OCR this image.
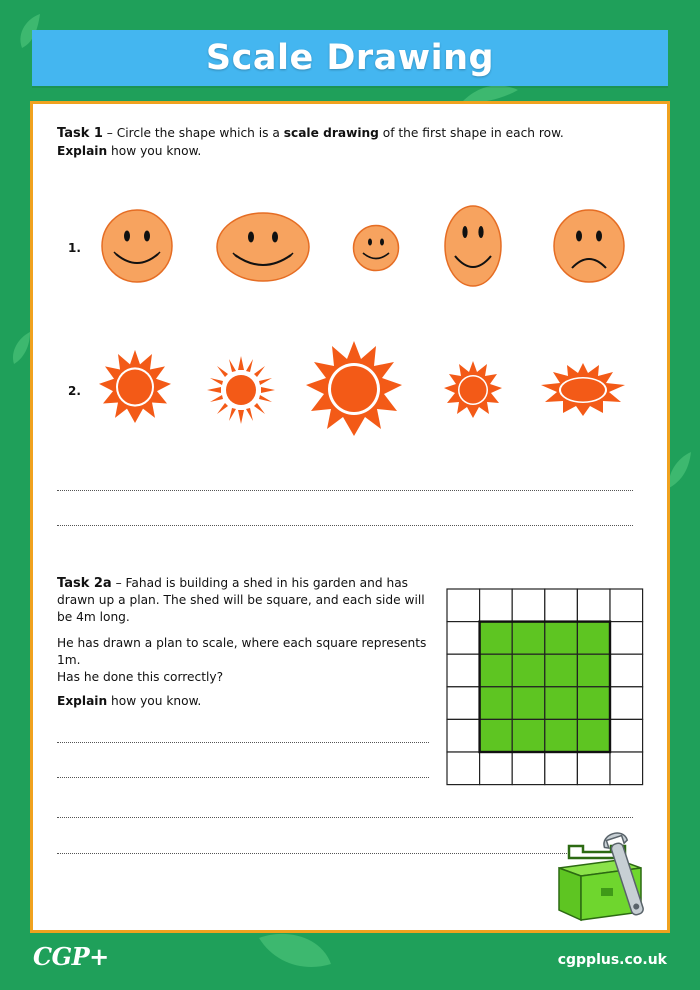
Scale Drawing
Task 1 – Circle the shape which is a scale drawing of the first shape in each row.
Explain how you know.
1.
2.
Task 2a – Fahad is building a shed in his garden and has
drawn up a plan. The shed will be square, and each side will
be 4m long.
He has drawn a plan to scale, where each square represents 1m.
Has he done this correctly?
Explain how you know.
CGP+	cgpplus.co.uk
